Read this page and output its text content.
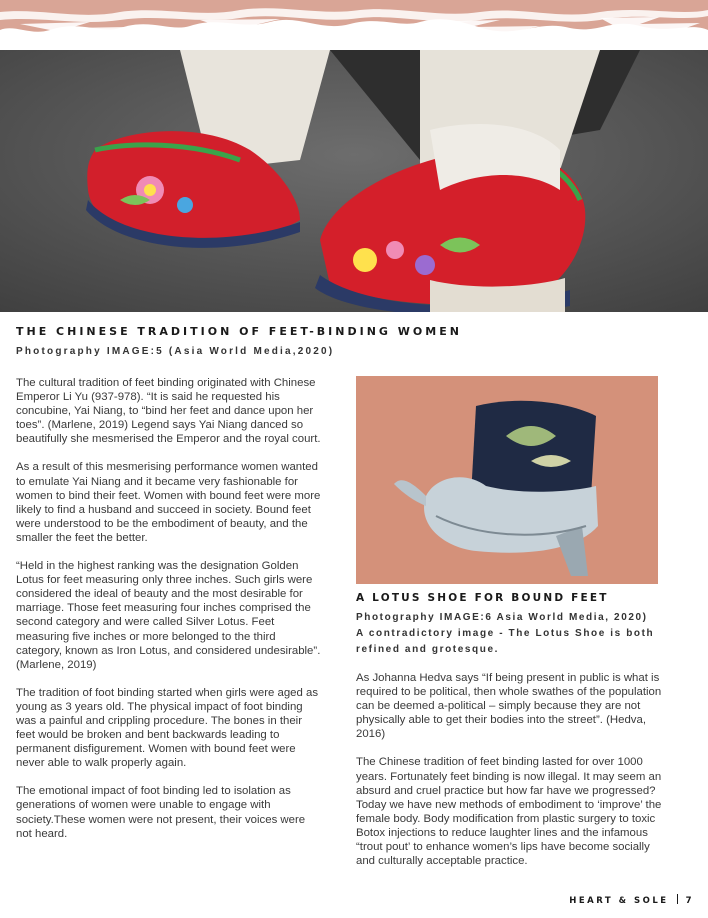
THE CHINESE TRADITION OF FEET-BINDING WOMEN
Photography IMAGE:5 (Asia World Media,2020)

The cultural tradition of feet binding originated with Chinese Emperor Li Yu (937-978). “It is said he requested his concubine, Yai Niang, to “bind her feet and dance upon her toes”. (Marlene, 2019) Legend says Yai Niang danced so beautifully she mesmerised the Emperor and the royal court.

As a result of this mesmerising performance women wanted to emulate Yai Niang and it became very fashionable for women to bind their feet. Women with bound feet were more likely to find a husband and succeed in society. Bound feet were understood to be the embodiment of beauty, and the smaller the feet the better.

“Held in the highest ranking was the designation Golden Lotus for feet measuring only three inches. Such girls were considered the ideal of beauty and the most desirable for marriage. Those feet measuring four inches comprised the second category and were called Silver Lotus. Feet measuring five inches or more belonged to the third category, known as Iron Lotus, and considered undesirable”. (Marlene, 2019)

The tradition of foot binding started when girls were aged as young as 3 years old. The physical impact of foot binding was a painful and crippling procedure. The bones in their feet would be broken and bent backwards leading to permanent disfigurement. Women with bound feet were never able to walk properly again.

The emotional impact of foot binding led to isolation as generations of women were unable to engage with society.These women were not present, their voices were not heard.

A LOTUS SHOE FOR BOUND FEET
Photography IMAGE:6 Asia World Media, 2020)
A contradictory image - The Lotus Shoe is both refined and grotesque.

As Johanna Hedva says “If being present in public is what is required to be political, then whole swathes of the population can be deemed a-political – simply because they are not physically able to get their bodies into the street”. (Hedva, 2016)

The Chinese tradition of feet binding lasted for over 1000 years. Fortunately feet binding is now illegal. It may seem an absurd and cruel practice but how far have we progressed? Today we have new methods of embodiment to ‘improve’ the female body. Body modification from plastic surgery to toxic Botox injections to reduce laughter lines and the infamous “trout pout’ to enhance women’s lips have become socially and culturally acceptable practice.

HEART & SOLE 7
